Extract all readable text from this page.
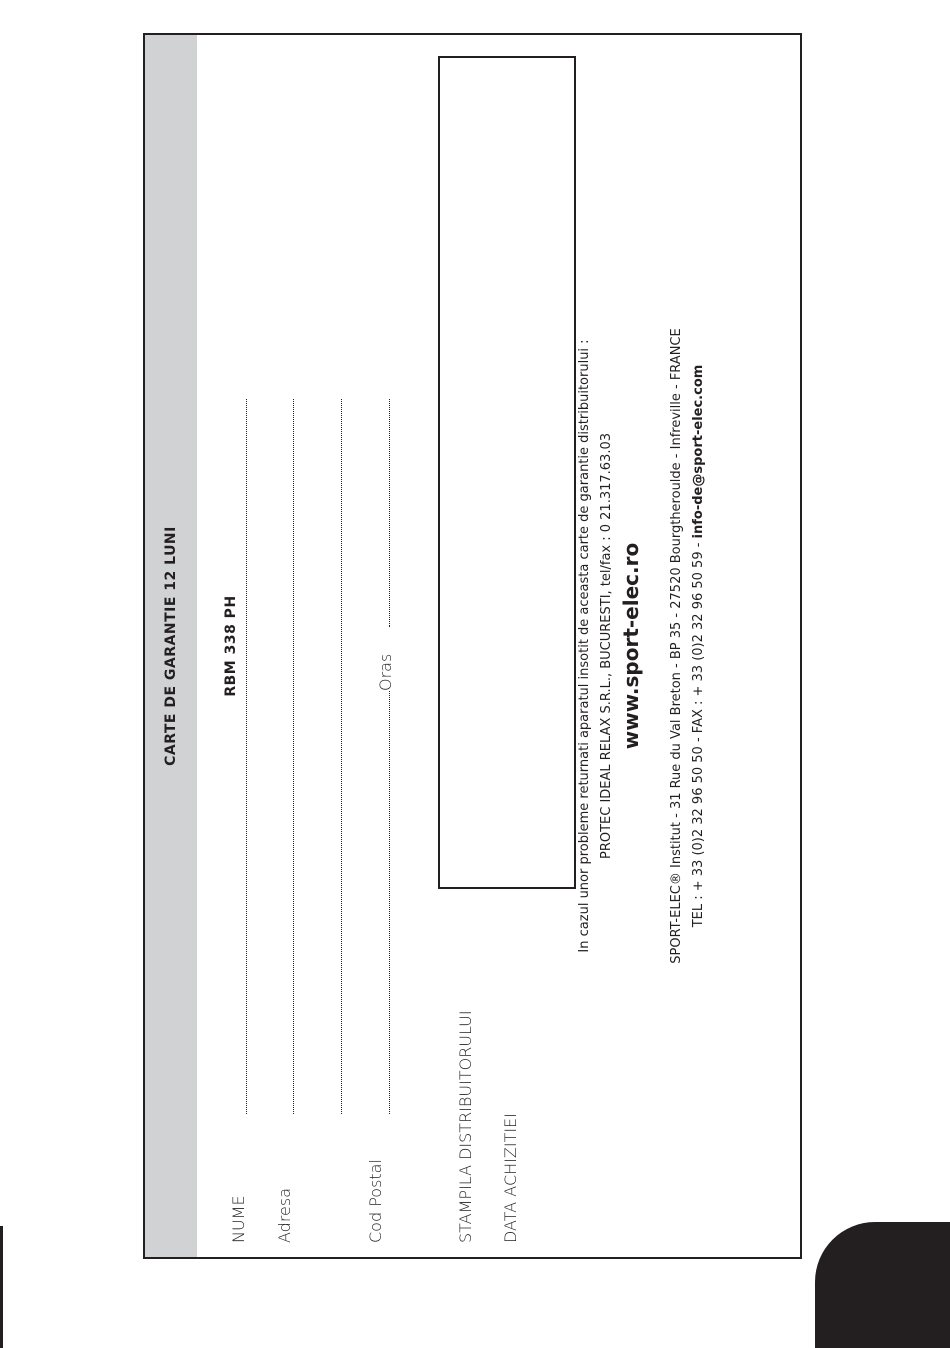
CARTE DE GARANTIE 12 LUNI	RBM 338 PH
NUME Adresa	Cod Postal
Oras
STAMPILA DISTRIBUITORULUI DATA ACHIZITIEI
In cazul unor probleme returnati aparatul insotit de aceasta carte de garantie distribuitorului : PROTEC IDEAL RELAX S.R.L., BUCURESTI, tel/fax : 0 21.317.63.03 www.sport-elec.ro SPORT-ELEC® Institut - 31 Rue du Val Breton - BP 35 - 27520 Bourgtheroulde - Infreville - FRANCE TEL : + 33 (0)2 32 96 50 50 - FAX : + 33 (0)2 32 96 50 59 - info-de@sport-elec.com
